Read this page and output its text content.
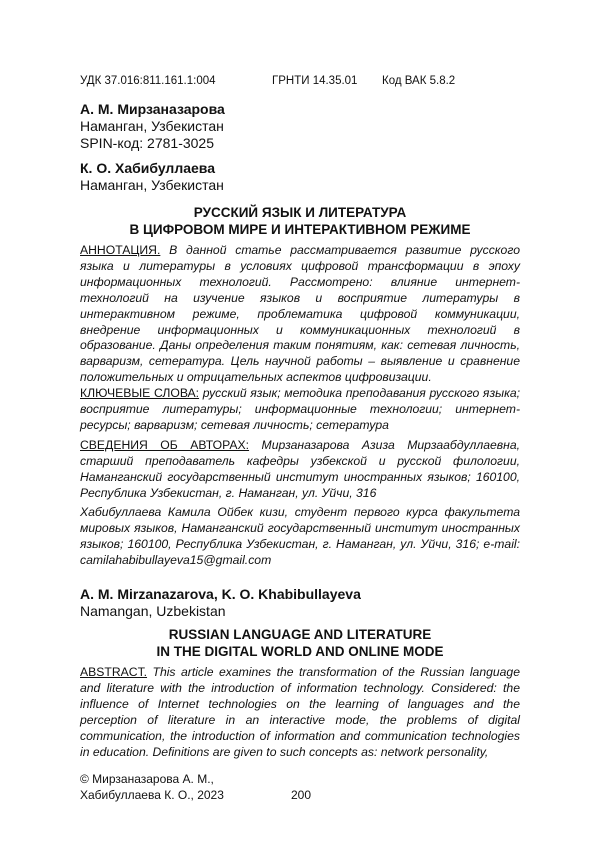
УДК 37.016:811.161.1:004	ГРНТИ 14.35.01 Код ВАК 5.8.2
А. М. Мирзаназарова
Наманган, Узбекистан
SPIN-код: 2781-3025
К. О. Хабибуллаева
Наманган, Узбекистан
РУССКИЙ ЯЗЫК И ЛИТЕРАТУРА
В ЦИФРОВОМ МИРЕ И ИНТЕРАКТИВНОМ РЕЖИМЕ
АННОТАЦИЯ. В данной статье рассматривается развитие русского языка и литературы в условиях цифровой трансформации в эпоху информационных технологий. Рассмотрено: влияние интернет-технологий на изучение языков и восприятие литературы в интерактивном режиме, проблематика цифровой коммуникации, внедрение информационных и коммуникационных технологий в образование. Даны определения таким понятиям, как: сетевая личность, варваризм, сетература. Цель научной работы – выявление и сравнение положительных и отрицательных аспектов цифровизации.
КЛЮЧЕВЫЕ СЛОВА: русский язык; методика преподавания русского языка; восприятие литературы; информационные технологии; интернет-ресурсы; варваризм; сетевая личность; сетература
СВЕДЕНИЯ ОБ АВТОРАХ: Мирзаназарова Азиза Мирзаабдуллаевна, старший преподаватель кафедры узбекской и русской филологии, Наманганский государственный институт иностранных языков; 160100, Республика Узбекистан, г. Наманган, ул. Уйчи, 316
Хабибуллаева Камила Ойбек кизи, студент первого курса факультета мировых языков, Наманганский государственный институт иностранных языков; 160100, Республика Узбекистан, г. Наманган, ул. Уйчи, 316; e-mail: camilahabibullayeva15@gmail.com
A. M. Mirzanazarova, K. O. Khabibullayeva
Namangan, Uzbekistan
RUSSIAN LANGUAGE AND LITERATURE
IN THE DIGITAL WORLD AND ONLINE MODE
ABSTRACT. This article examines the transformation of the Russian language and literature with the introduction of information technology. Considered: the influence of Internet technologies on the learning of languages and the perception of literature in an interactive mode, the problems of digital communication, the introduction of information and communication technologies in education. Definitions are given to such concepts as: network personality,
© Мирзаназарова А. М.,
Хабибуллаева К. О., 2023	200
